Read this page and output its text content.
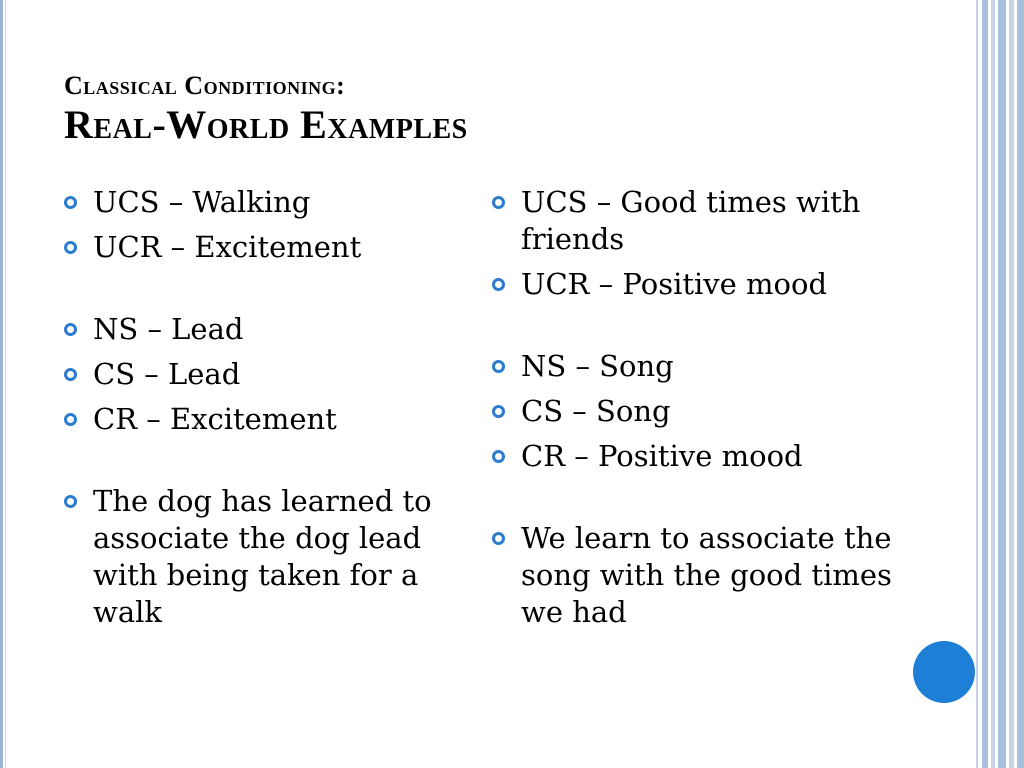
Classical Conditioning:
Real-World Examples
UCS – Walking
UCR – Excitement
NS – Lead
CS – Lead
CR – Excitement
The dog has learned to associate the dog lead with being taken for a walk
UCS – Good times with friends
UCR – Positive mood
NS – Song
CS – Song
CR – Positive mood
We learn to associate the song with the good times we had
